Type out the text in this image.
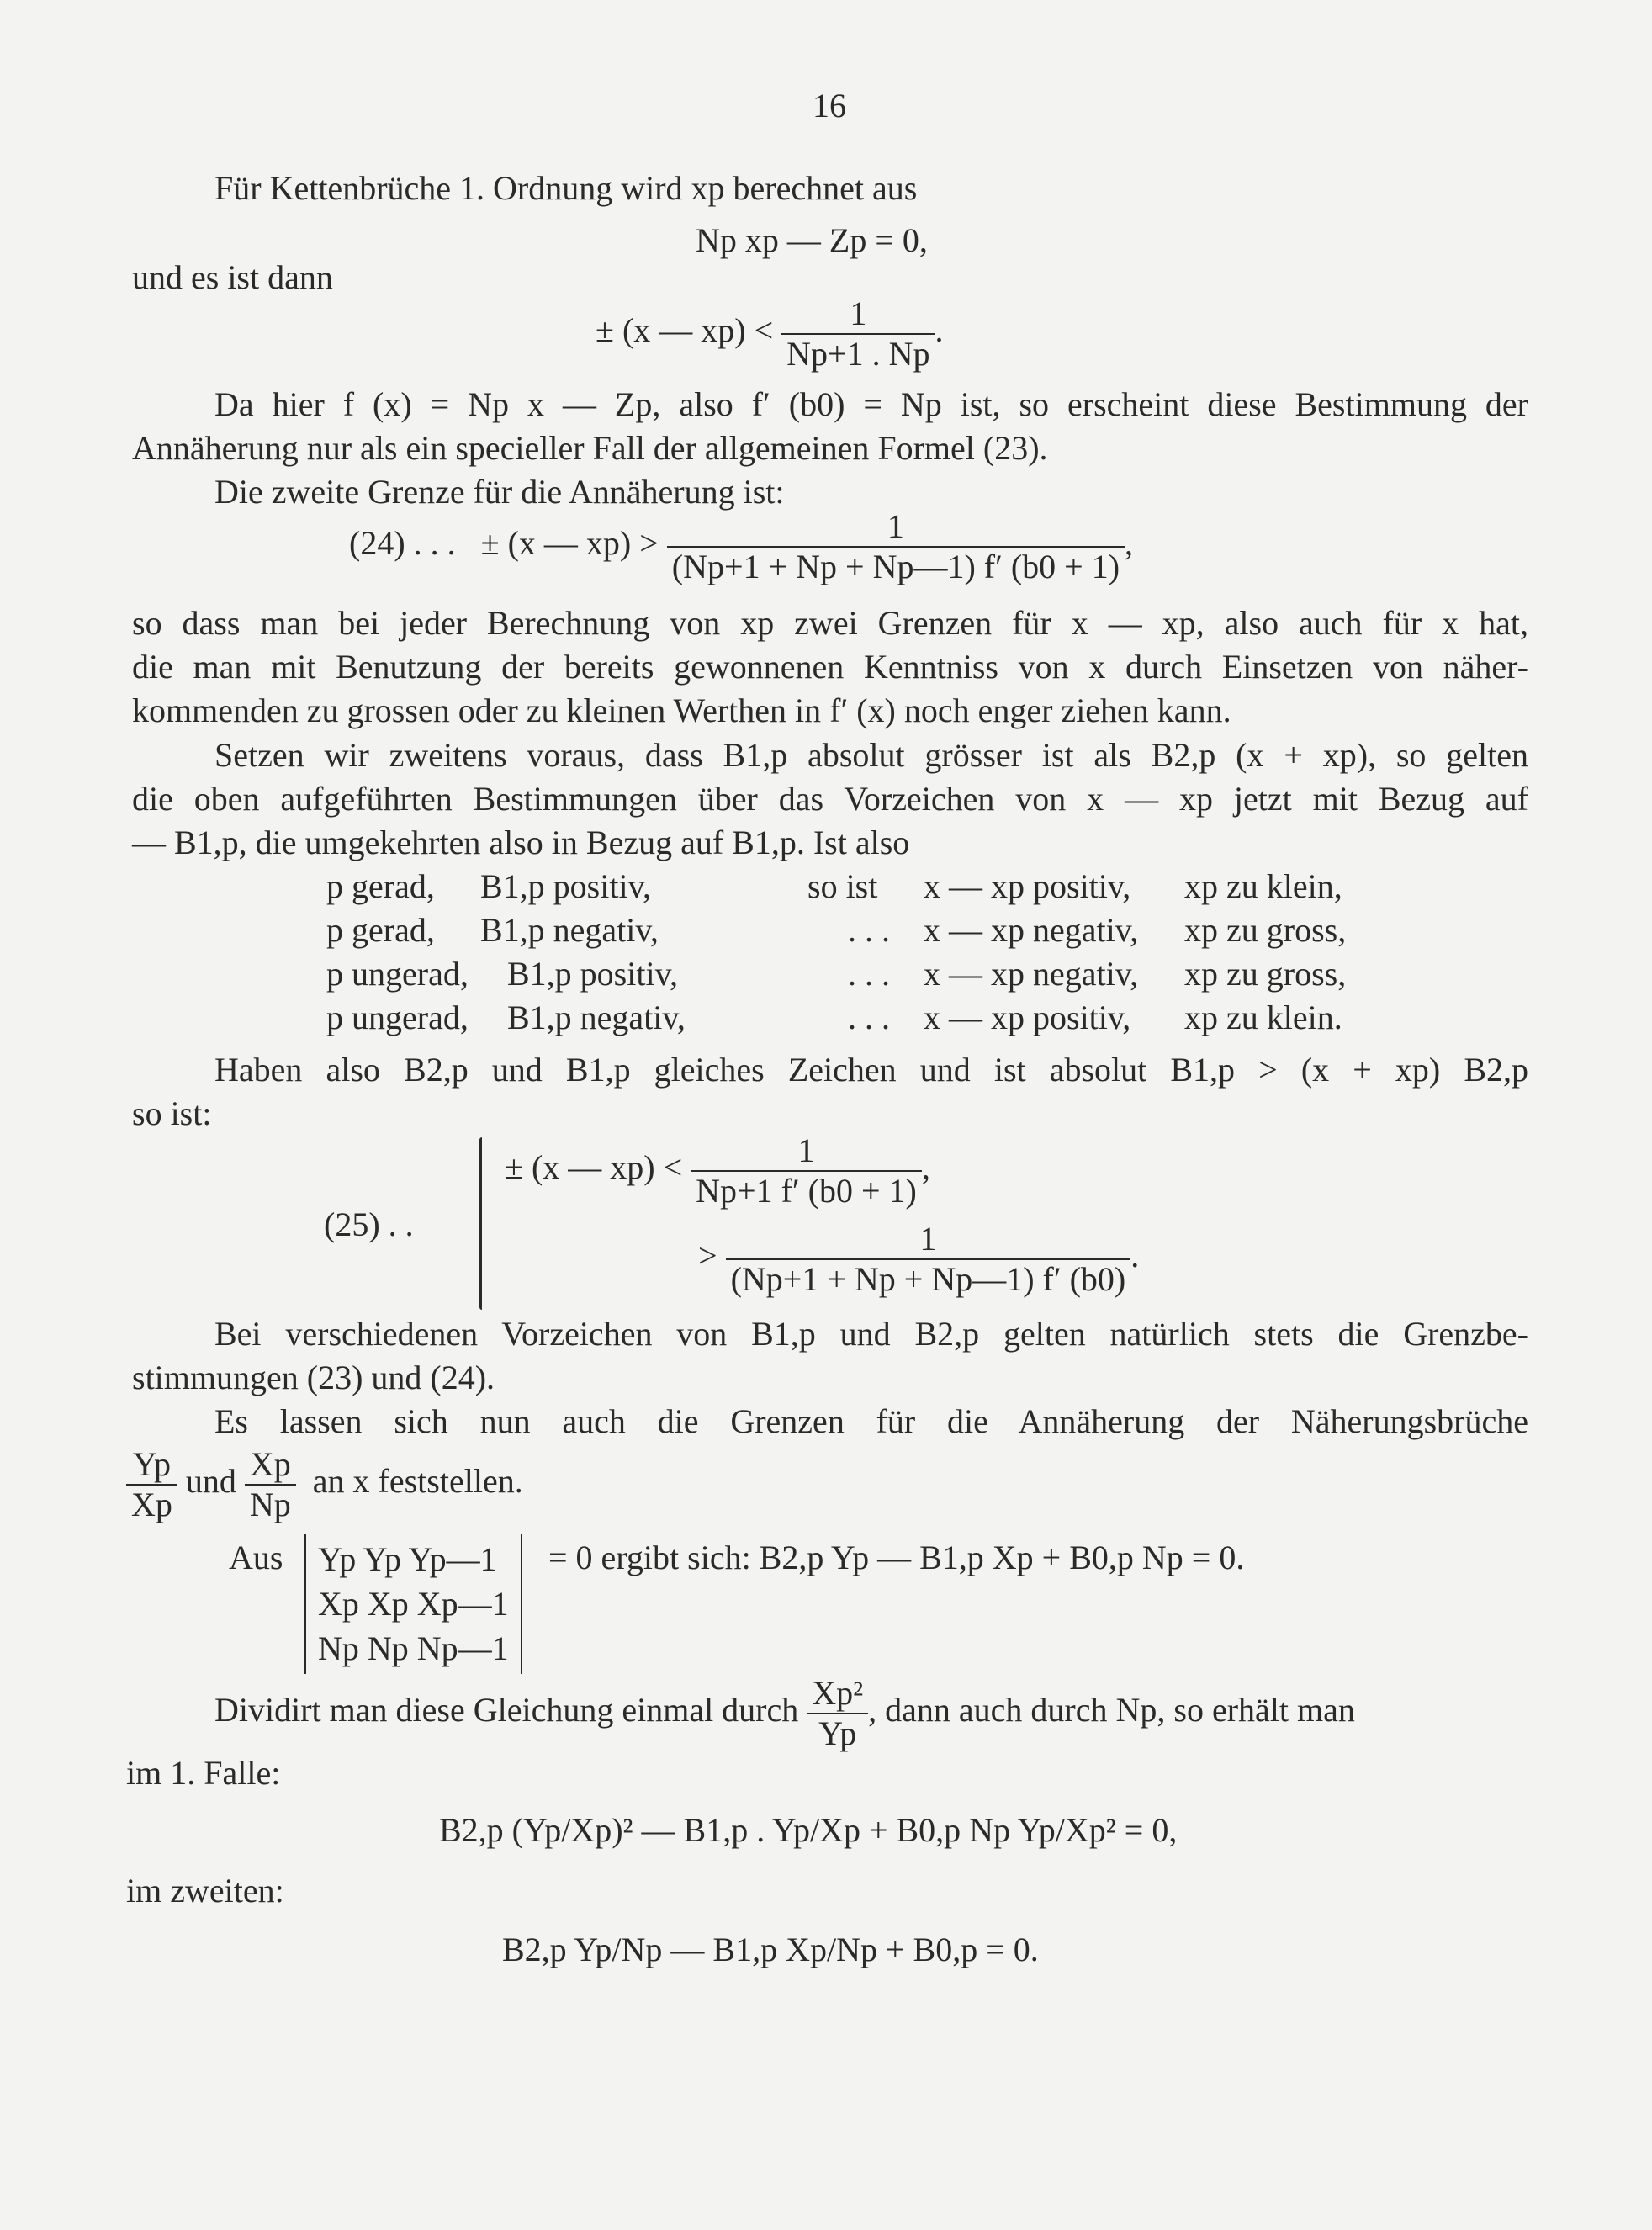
16
Für Kettenbrüche 1. Ordnung wird xp berechnet aus
Np xp — Zp = 0,
und es ist dann
± (x — $xp) < \frac{1}{Np+1 . Np}$ .
Da hier f (x) = Np x — Zp, also f′ (b0) = Np ist, so erscheint diese Bestimmung der
Annäherung nur als ein specieller Fall der allgemeinen Formel (23).
Die zweite Grenze für die Annäherung ist:
(24) . . . ± (x — $xp) > \frac{1}{(Np+1 + Np + Np—1) f' (b0 + 1)}$ ,
so dass man bei jeder Berechnung von xp zwei Grenzen für x — xp, also auch für x hat,
die man mit Benutzung der bereits gewonnenen Kenntniss von x durch Einsetzen von näher-
kommenden zu grossen oder zu kleinen Werthen in f′ (x) noch enger ziehen kann.
Setzen wir zweitens voraus, dass B1,p absolut grösser ist als B2,p (x + xp), so gelten
die oben aufgeführten Bestimmungen über das Vorzeichen von x — xp jetzt mit Bezug auf
— B1,p, die umgekehrten also in Bezug auf B1,p. Ist also
p gerad, B1,p positiv,	so ist x — xp positiv, xp zu klein,
p gerad, B1,p negativ,	. . . x — xp negativ, xp zu gross,
p ungerad, B1,p positiv,	. . . x — xp negativ, xp zu gross,
p ungerad, B1,p negativ,	. . . x — xp positiv, xp zu klein.
Haben also B2,p und B1,p gleiches Zeichen und ist absolut B1,p > (x + xp) B2,p
so ist:
(25) . .
± (x — $xp) < \frac{1}{Np+1 f' (b0 + 1)}$ ,
> $\frac{1}{(Np+1 + Np + Np—1) f' (b0)}$ .
Bei verschiedenen Vorzeichen von B1,p und B2,p gelten natürlich stets die Grenzbe-
stimmungen (23) und (24).
Es lassen sich nun auch die Grenzen für die Annäherung der Näherungsbrüche
$\frac{Yp}{Xp}$ und $\frac{Xp}{Np}$ an x feststellen.
Aus Yp Yp Yp—1
Xp Xp Xp—1
Np Np Np—1
= 0 ergibt sich: B2,p Yp — B1,p Xp + B0,p Np = 0.
Dividirt man diese Gleichung einmal durch $\frac{\text{Xp²}}{Yp}$ , dann auch durch Np, so erhält man
im 1. Falle:
B2,p (Yp/Xp)² — B1,p . Yp/Xp + B0,p Np Yp/Xp² = 0,
im zweiten:
B2,p Yp/Np — B1,p Xp/Np + B0,p = 0.
